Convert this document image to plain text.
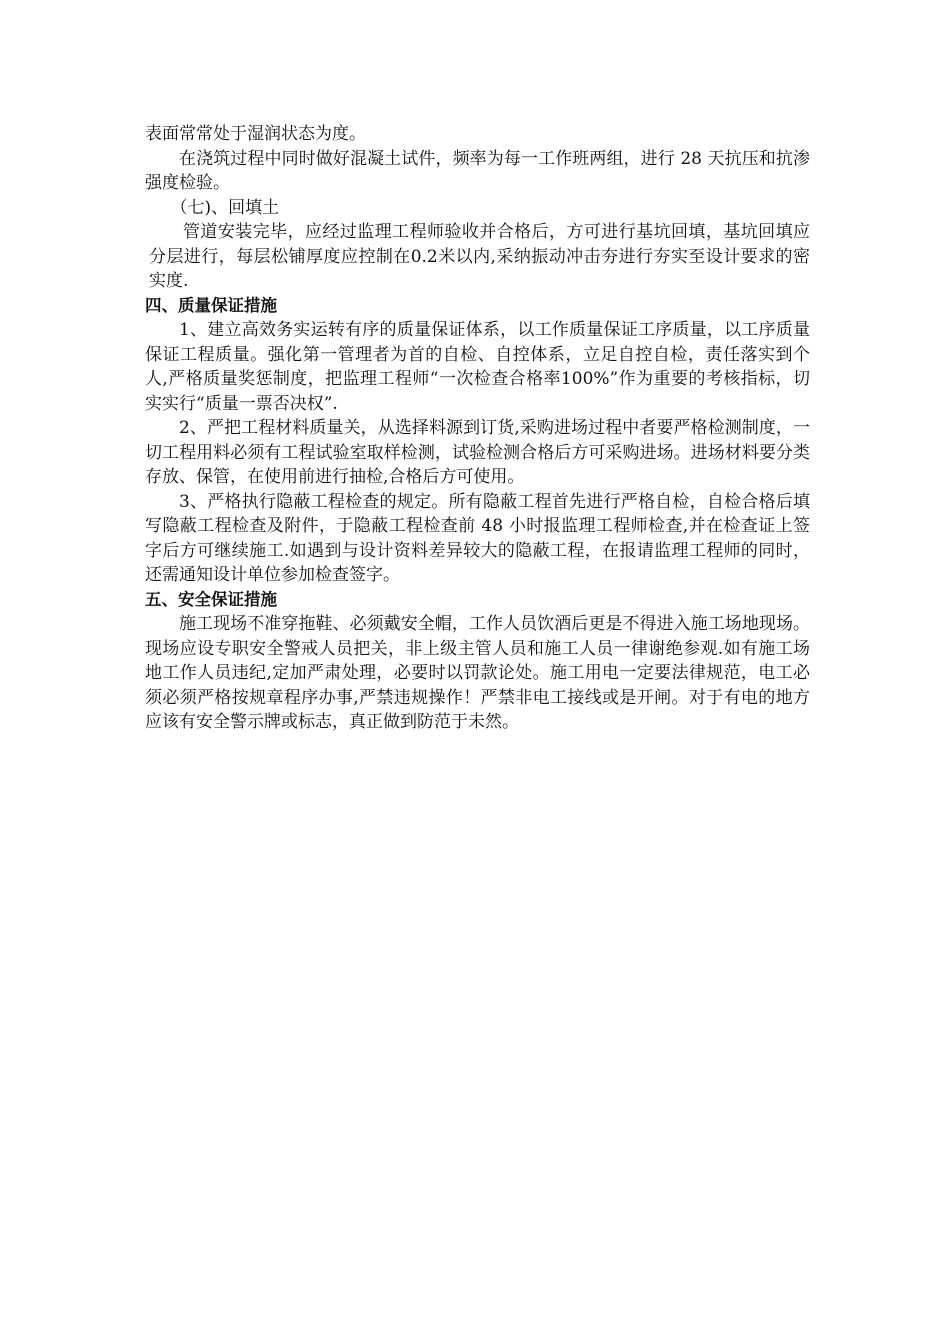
表面常常处于湿润状态为度。

在浇筑过程中同时做好混凝土试件，频率为每一工作班两组，进行 28 天抗压和抗渗强度检验。

（七)、回填土

管道安装完毕，应经过监理工程师验收并合格后，方可进行基坑回填，基坑回填应分层进行，每层松铺厚度应控制在0.2米以内,采纳振动冲击夯进行夯实至设计要求的密实度.

四、质量保证措施

1、建立高效务实运转有序的质量保证体系，以工作质量保证工序质量，以工序质量保证工程质量。强化第一管理者为首的自检、自控体系，立足自控自检，责任落实到个人,严格质量奖惩制度，把监理工程师“一次检查合格率100%”作为重要的考核指标，切实实行“质量一票否决权”.

2、严把工程材料质量关，从选择料源到订货,采购进场过程中者要严格检测制度，一切工程用料必须有工程试验室取样检测，试验检测合格后方可采购进场。进场材料要分类存放、保管，在使用前进行抽检,合格后方可使用。

3、严格执行隐蔽工程检查的规定。所有隐蔽工程首先进行严格自检，自检合格后填写隐蔽工程检查及附件，于隐蔽工程检查前 48 小时报监理工程师检查,并在检查证上签字后方可继续施工.如遇到与设计资料差异较大的隐蔽工程，在报请监理工程师的同时，还需通知设计单位参加检查签字。

五、安全保证措施

施工现场不准穿拖鞋、必须戴安全帽，工作人员饮酒后更是不得进入施工场地现场。现场应设专职安全警戒人员把关，非上级主管人员和施工人员一律谢绝参观.如有施工场地工作人员违纪,定加严肃处理，必要时以罚款论处。施工用电一定要法律规范，电工必须必须严格按规章程序办事,严禁违规操作！严禁非电工接线或是开闸。对于有电的地方应该有安全警示牌或标志，真正做到防范于未然。
